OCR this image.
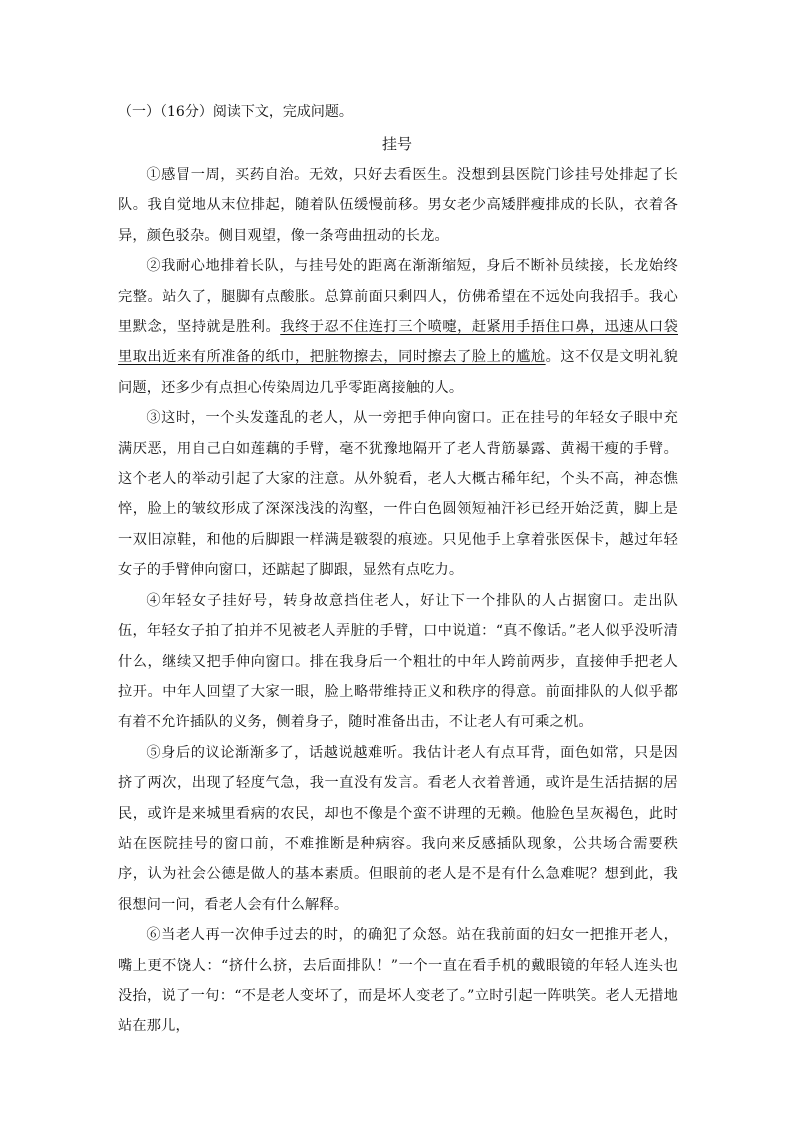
（一）（16分）阅读下文，完成问题。
挂号

①感冒一周，买药自治。无效，只好去看医生。没想到县医院门诊挂号处排起了长队。我自觉地从末位排起，随着队伍缓慢前移。男女老少高矮胖瘦排成的长队，衣着各异，颜色驳杂。侧目观望，像一条弯曲扭动的长龙。

②我耐心地排着长队，与挂号处的距离在渐渐缩短，身后不断补员续接，长龙始终完整。站久了，腿脚有点酸胀。总算前面只剩四人，仿佛希望在不远处向我招手。我心里默念，坚持就是胜利。我终于忍不住连打三个喷嚏，赶紧用手捂住口鼻，迅速从口袋里取出近来有所准备的纸巾，把脏物擦去，同时擦去了脸上的尴尬。这不仅是文明礼貌问题，还多少有点担心传染周边几乎零距离接触的人。

③这时，一个头发蓬乱的老人，从一旁把手伸向窗口。正在挂号的年轻女子眼中充满厌恶，用自己白如莲藕的手臂，毫不犹豫地隔开了老人背筋暴露、黄褐干瘦的手臂。这个老人的举动引起了大家的注意。从外貌看，老人大概古稀年纪，个头不高，神态憔悴，脸上的皱纹形成了深深浅浅的沟壑，一件白色圆领短袖汗衫已经开始泛黄，脚上是一双旧凉鞋，和他的后脚跟一样满是皲裂的痕迹。只见他手上拿着张医保卡，越过年轻女子的手臂伸向窗口，还踮起了脚跟，显然有点吃力。

④年轻女子挂好号，转身故意挡住老人，好让下一个排队的人占据窗口。走出队伍，年轻女子拍了拍并不见被老人弄脏的手臂，口中说道：“真不像话。”老人似乎没听清什么，继续又把手伸向窗口。排在我身后一个粗壮的中年人跨前两步，直接伸手把老人拉开。中年人回望了大家一眼，脸上略带维持正义和秩序的得意。前面排队的人似乎都有着不允许插队的义务，侧着身子，随时准备出击，不让老人有可乘之机。

⑤身后的议论渐渐多了，话越说越难听。我估计老人有点耳背，面色如常，只是因挤了两次，出现了轻度气急，我一直没有发言。看老人衣着普通，或许是生活拮据的居民，或许是来城里看病的农民，却也不像是个蛮不讲理的无赖。他脸色呈灰褐色，此时站在医院挂号的窗口前，不难推断是种病容。我向来反感插队现象，公共场合需要秩序，认为社会公德是做人的基本素质。但眼前的老人是不是有什么急难呢？想到此，我很想问一问，看老人会有什么解释。

⑥当老人再一次伸手过去的时，的确犯了众怒。站在我前面的妇女一把推开老人，嘴上更不饶人：“挤什么挤，去后面排队！”一个一直在看手机的戴眼镜的年轻人连头也没抬，说了一句：“不是老人变坏了，而是坏人变老了。”立时引起一阵哄笑。老人无措地站在那儿，
